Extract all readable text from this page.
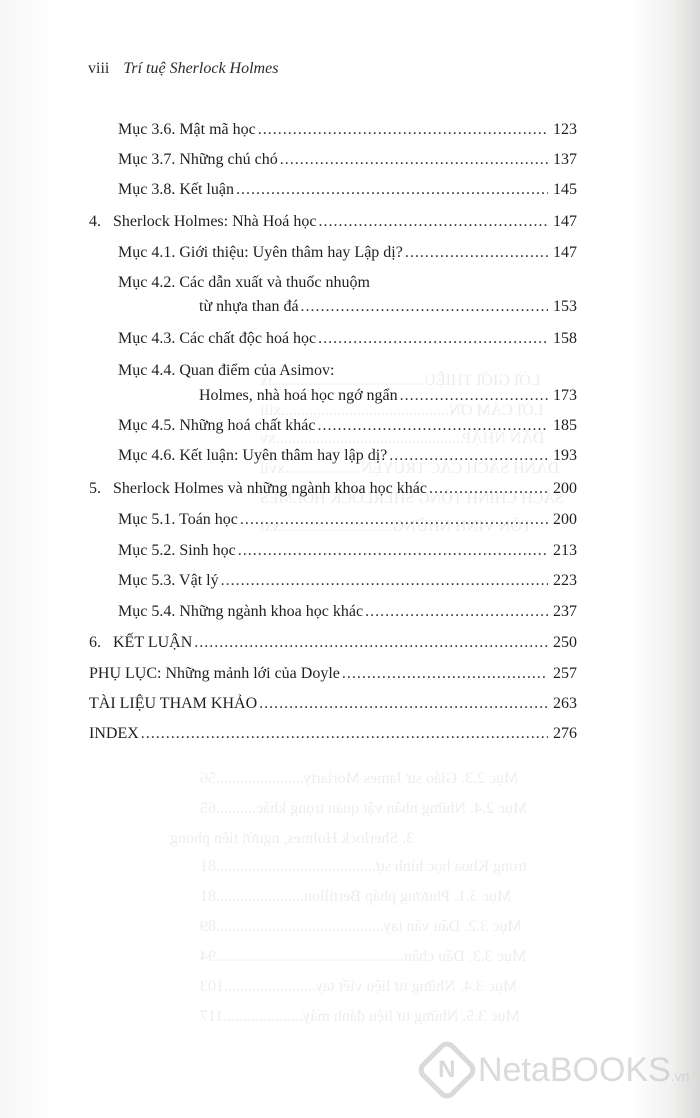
LỜI GIỚI THIỆU......................................ix
LỜI CẢM ƠN..........................................xiii
DẪN NHẬP...............................................xv
DANH SÁCH CÁC TRUYỆN...................xvii
SÁCH CHÍNH TỐNG SHERLOCK HOLMES
TÔN VINH NHỮNG............................xxi
Mục 2.3. Giáo sư James Moriarty......................56
Mục 2.4. Những nhân vật quan trọng khác..........65
3. Sherlock Holmes, người tiên phong
trong Khoa học hình sự........................................81
Mục 3.1. Phương pháp Bertillon......................81
Mục 3.2. Dấu vân tay..........................................89
Mục 3.3. Dấu chân...............................................94
Mục 3.4. Những tư liệu viết tay.......................103
Mục 3.5. Những tư liệu đánh máy....................117
viii Trí tuệ Sherlock Holmes
Mục 3.6. Mật mã học .....	123
Mục 3.7. Những chú chó .....	137
Mục 3.8. Kết luận .....	145
4.   Sherlock Holmes: Nhà Hoá học .....	147
Mục 4.1. Giới thiệu: Uyên thâm hay Lập dị? .....	147
Mục 4.2. Các dẫn xuất và thuốc nhuộm
từ nhựa than đá .....	153
Mục 4.3. Các chất độc hoá học .....	158
Mục 4.4. Quan điểm của Asimov:
Holmes, nhà hoá học ngớ ngẩn .....	173
Mục 4.5. Những hoá chất khác .....	185
Mục 4.6. Kết luận: Uyên thâm hay lập dị? .....	193
5.   Sherlock Holmes và những ngành khoa học khác .....	200
Mục 5.1. Toán học .....	200
Mục 5.2. Sinh học .....	213
Mục 5.3. Vật lý .....	223
Mục 5.4. Những ngành khoa học khác .....	237
6.   KẾT LUẬN .....	250
PHỤ LỤC: Những mảnh lới của Doyle .....	257
TÀI LIỆU THAM KHẢO .....	263
INDEX .....	276
N NetaBOOKS.vn
